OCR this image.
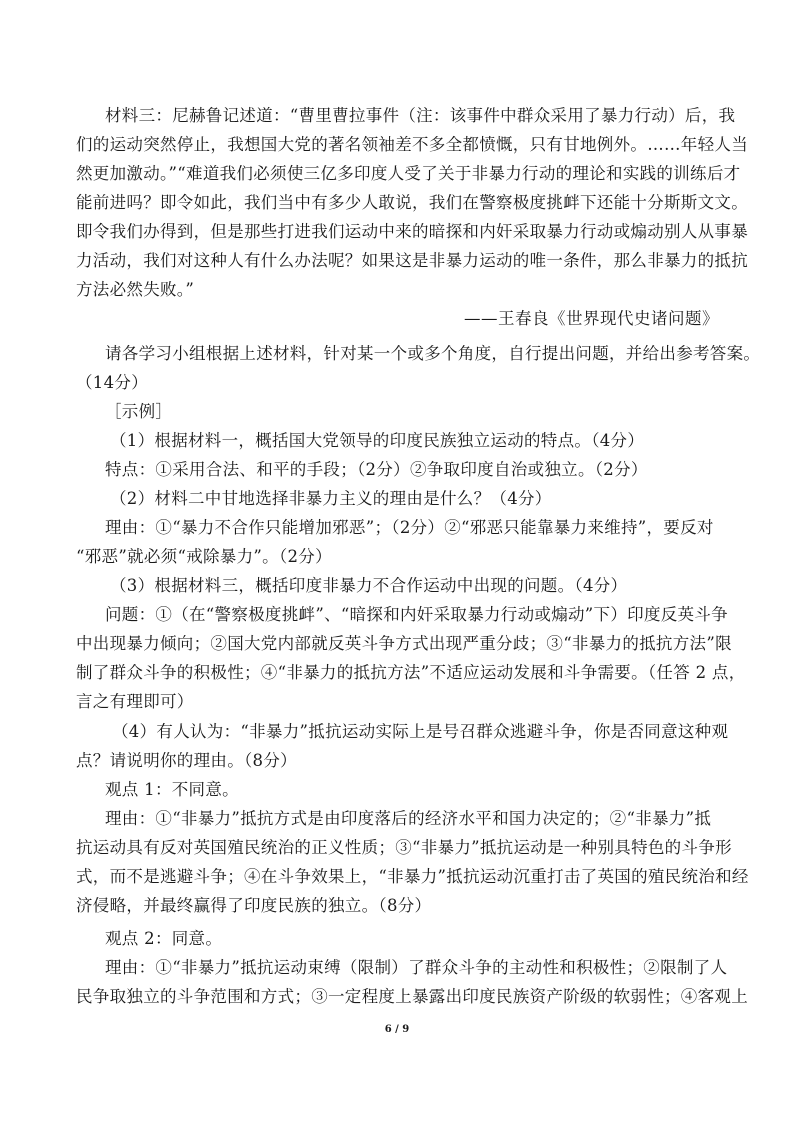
材料三：尼赫鲁记述道：“曹里曹拉事件（注：该事件中群众采用了暴力行动）后，我

们的运动突然停止，我想国大党的著名领袖差不多全都愤慨，只有甘地例外。……年轻人当

然更加激动。”“难道我们必须使三亿多印度人受了关于非暴力行动的理论和实践的训练后才

能前进吗？即令如此，我们当中有多少人敢说，我们在警察极度挑衅下还能十分斯斯文文。

即令我们办得到，但是那些打进我们运动中来的暗探和内奸采取暴力行动或煽动别人从事暴

力活动，我们对这种人有什么办法呢？如果这是非暴力运动的唯一条件，那么非暴力的抵抗

方法必然失败。”

——王春良《世界现代史诸问题》

请各学习小组根据上述材料，针对某一个或多个角度，自行提出问题，并给出参考答案。

（14分）

［示例］

（1）根据材料一，概括国大党领导的印度民族独立运动的特点。（4分）

特点：①采用合法、和平的手段；（2分）②争取印度自治或独立。（2分）

（2）材料二中甘地选择非暴力主义的理由是什么？（4分）

理由：①“暴力不合作只能增加邪恶”；（2分）②“邪恶只能靠暴力来维持”，要反对

“邪恶”就必须“戒除暴力”。（2分）

（3）根据材料三，概括印度非暴力不合作运动中出现的问题。（4分）

问题：①（在“警察极度挑衅”、“暗探和内奸采取暴力行动或煽动”下）印度反英斗争

中出现暴力倾向；②国大党内部就反英斗争方式出现严重分歧；③“非暴力的抵抗方法”限

制了群众斗争的积极性；④“非暴力的抵抗方法”不适应运动发展和斗争需要。（任答 2 点，

言之有理即可）

（4）有人认为：“非暴力”抵抗运动实际上是号召群众逃避斗争，你是否同意这种观

点？请说明你的理由。（8分）

观点 1：不同意。

理由：①“非暴力”抵抗方式是由印度落后的经济水平和国力决定的；②“非暴力”抵

抗运动具有反对英国殖民统治的正义性质；③“非暴力”抵抗运动是一种别具特色的斗争形

式，而不是逃避斗争；④在斗争效果上，“非暴力”抵抗运动沉重打击了英国的殖民统治和经

济侵略，并最终赢得了印度民族的独立。（8分）

观点 2：同意。

理由：①“非暴力”抵抗运动束缚（限制）了群众斗争的主动性和积极性；②限制了人

民争取独立的斗争范围和方式；③一定程度上暴露出印度民族资产阶级的软弱性；④客观上

6 / 9
